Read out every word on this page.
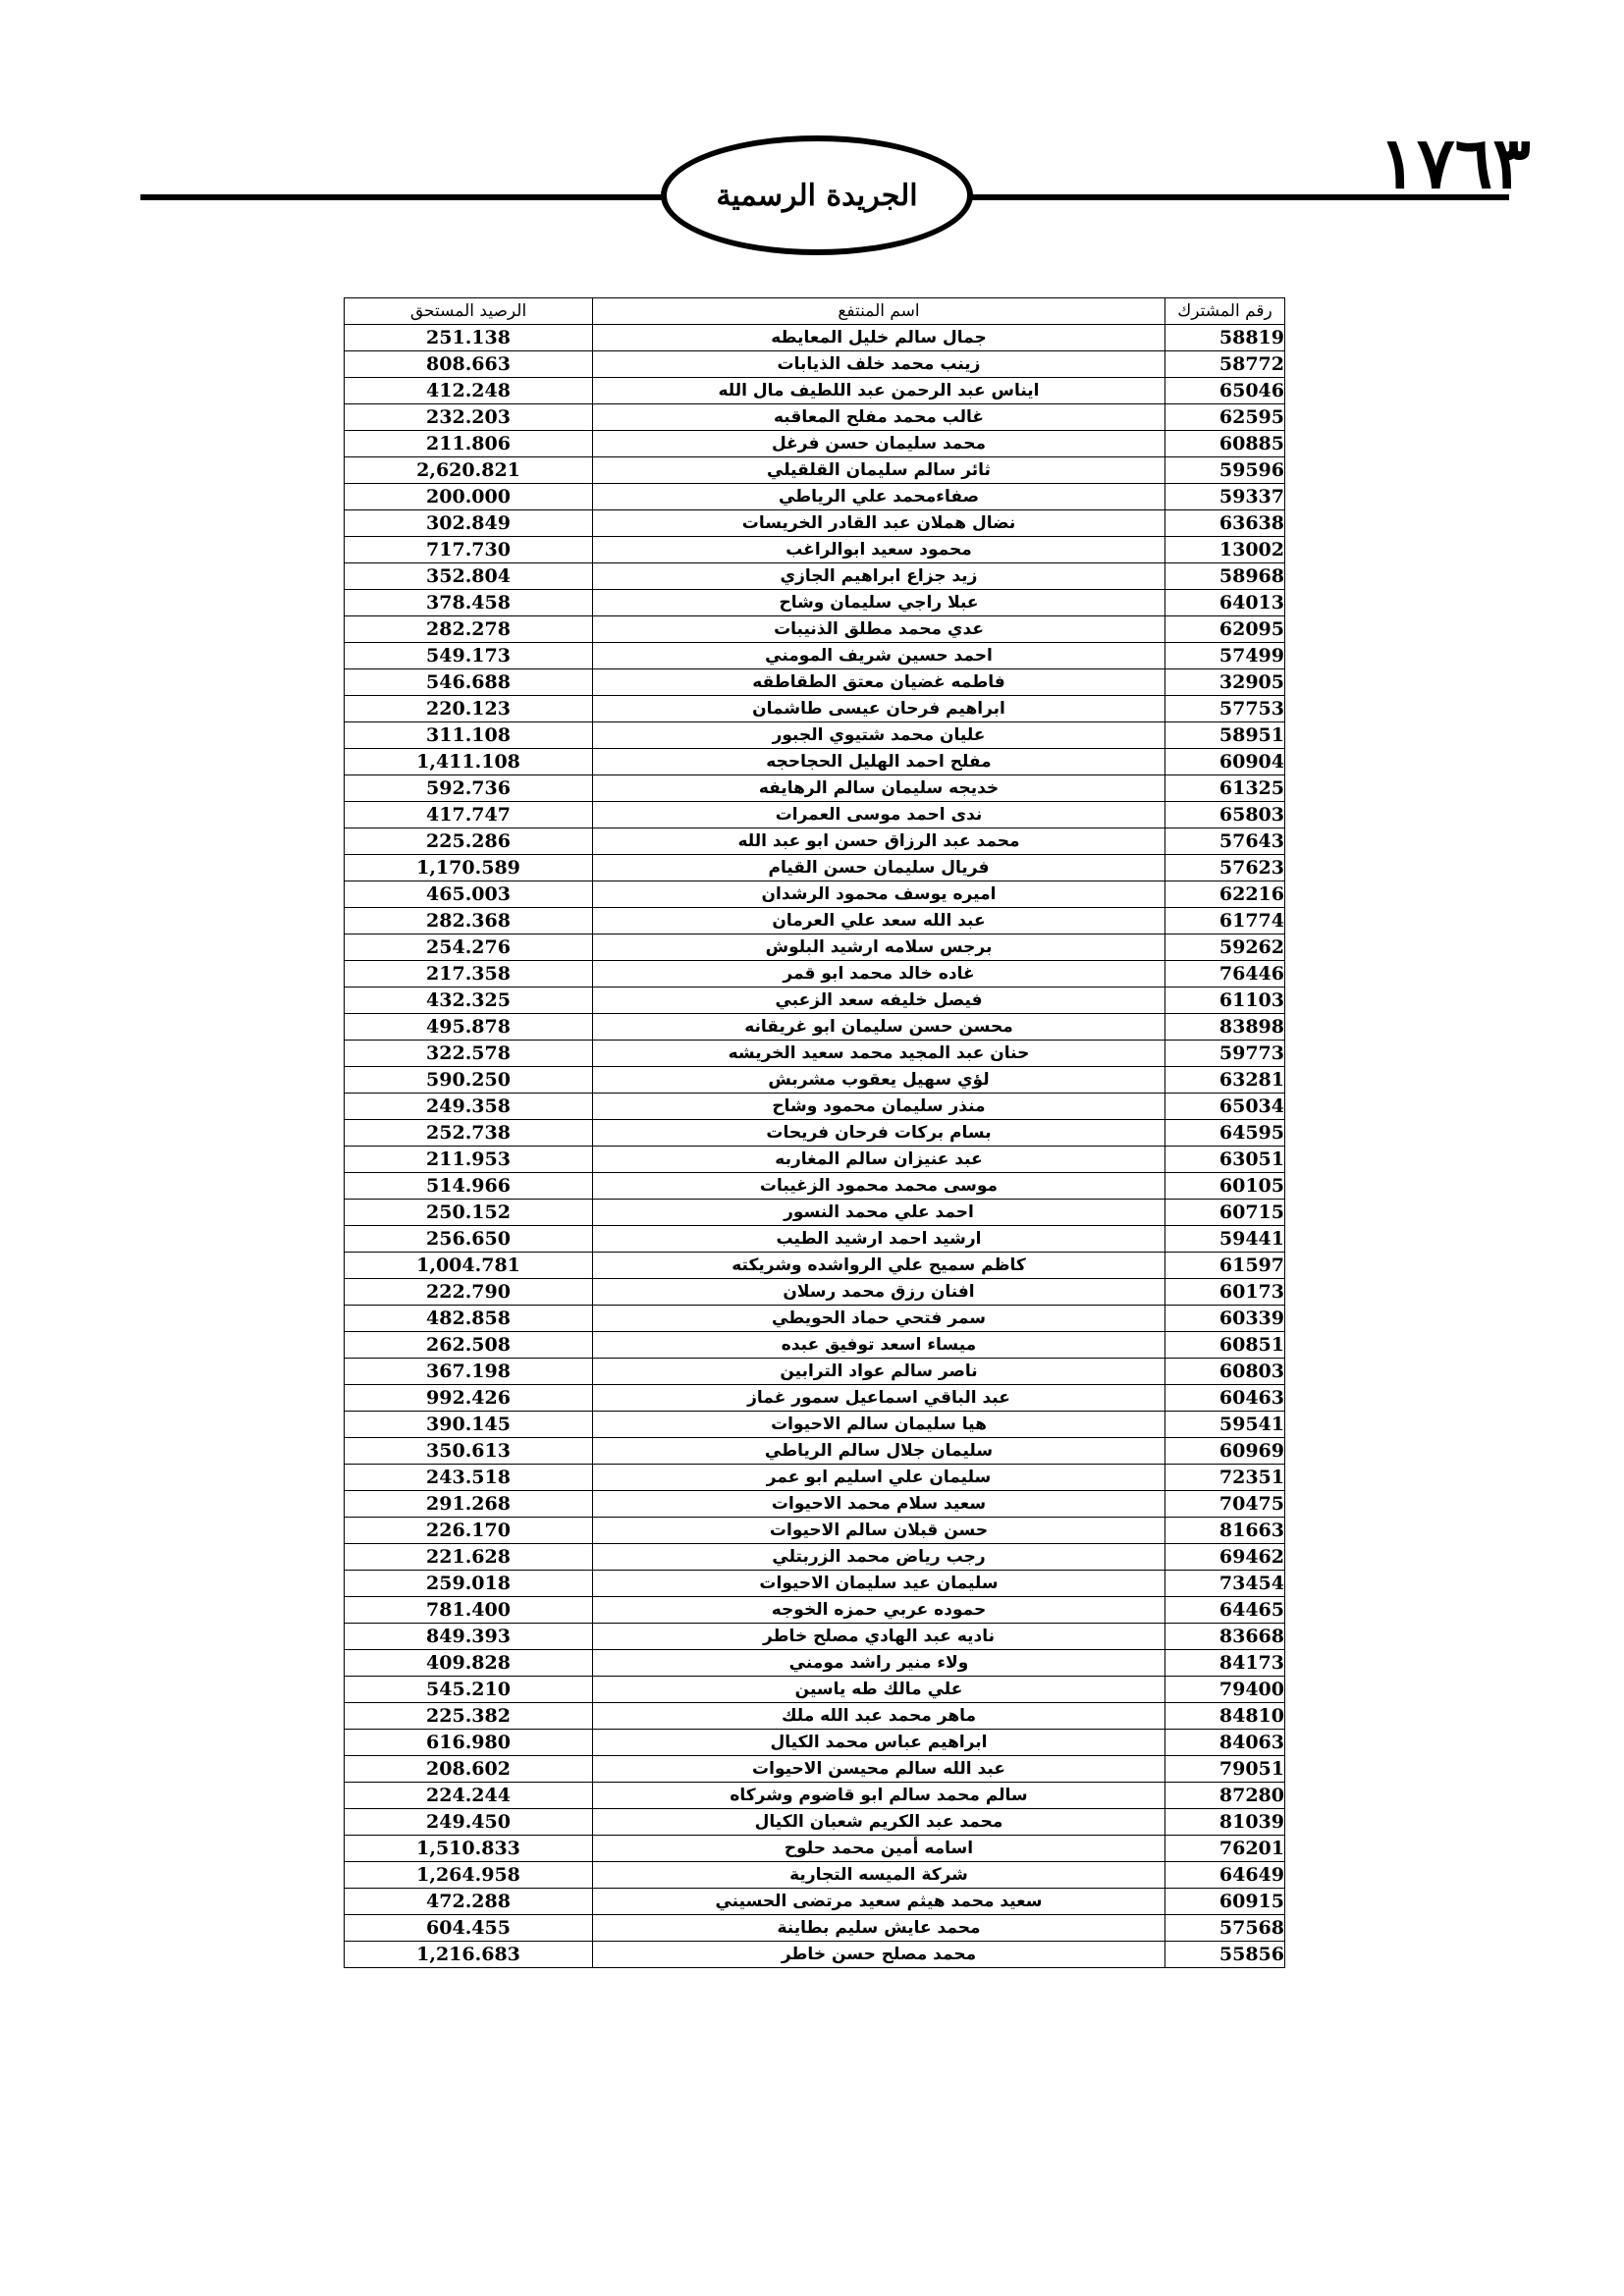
١٧٦٣
الجريدة الرسمية
رقم المشترك	اسم المنتفع	الرصيد المستحق
58819	جمال سالم خليل المعايطه	251.138
58772	زينب محمد خلف الذيابات	808.663
65046	ايناس عبد الرحمن عبد اللطيف مال الله	412.248
62595	غالب محمد مفلح المعاقبه	232.203
60885	محمد سليمان حسن فرغل	211.806
59596	ثائر سالم سليمان القلقيلي	2,620.821
59337	صفاءمحمد علي الرياطي	200.000
63638	نضال هملان عبد القادر الخريسات	302.849
13002	محمود سعيد ابوالراغب	717.730
58968	زيد جزاع ابراهيم الجازي	352.804
64013	عبلا راجي سليمان وشاح	378.458
62095	عدي محمد مطلق الذنيبات	282.278
57499	احمد حسين شريف المومني	549.173
32905	فاطمه غضيان معتق الطقاطقه	546.688
57753	ابراهيم فرحان عيسى طاشمان	220.123
58951	عليان محمد شتيوي الجبور	311.108
60904	مفلح احمد الهليل الحجاحجه	1,411.108
61325	خديجه سليمان سالم الرهايفه	592.736
65803	ندى احمد موسى العمرات	417.747
57643	محمد عبد الرزاق حسن ابو عبد الله	225.286
57623	فريال سليمان حسن القيام	1,170.589
62216	اميره يوسف محمود الرشدان	465.003
61774	عبد الله سعد علي العرمان	282.368
59262	برجس سلامه ارشيد البلوش	254.276
76446	غاده خالد محمد ابو قمر	217.358
61103	فيصل خليفه سعد الزعبي	432.325
83898	محسن حسن سليمان ابو غريقانه	495.878
59773	حنان عبد المجيد محمد سعيد الخريشه	322.578
63281	لؤي سهيل يعقوب مشربش	590.250
65034	منذر سليمان محمود وشاح	249.358
64595	بسام بركات فرحان فريحات	252.738
63051	عبد عنيزان سالم المغاربه	211.953
60105	موسى محمد محمود الزغيبات	514.966
60715	احمد علي محمد النسور	250.152
59441	ارشيد احمد ارشيد الطيب	256.650
61597	كاظم سميح علي الرواشده وشريكته	1,004.781
60173	افنان رزق محمد رسلان	222.790
60339	سمر فتحي حماد الحويطي	482.858
60851	ميساء اسعد توفيق عبده	262.508
60803	ناصر سالم عواد الترابين	367.198
60463	عبد الباقي اسماعيل سمور غماز	992.426
59541	هيا سليمان سالم الاحيوات	390.145
60969	سليمان جلال سالم الرياطي	350.613
72351	سليمان علي اسليم ابو عمر	243.518
70475	سعيد سلام محمد الاحيوات	291.268
81663	حسن قبلان سالم الاحيوات	226.170
69462	رجب رياض محمد الزربتلي	221.628
73454	سليمان عيد سليمان الاحيوات	259.018
64465	حموده عربي حمزه الخوجه	781.400
83668	ناديه عبد الهادي مصلح خاطر	849.393
84173	ولاء منير راشد مومني	409.828
79400	علي مالك طه ياسين	545.210
84810	ماهر محمد عبد الله ملك	225.382
84063	ابراهيم عباس محمد الكيال	616.980
79051	عبد الله سالم محيسن الاحيوات	208.602
87280	سالم محمد سالم ابو قاضوم وشركاه	224.244
81039	محمد عبد الكريم شعبان الكيال	249.450
76201	اسامه أمين محمد حلوح	1,510.833
64649	شركة الميسه التجارية	1,264.958
60915	سعيد محمد هيثم سعيد مرتضى الحسيني	472.288
57568	محمد عايش سليم بطاينة	604.455
55856	محمد مصلح حسن خاطر	1,216.683
